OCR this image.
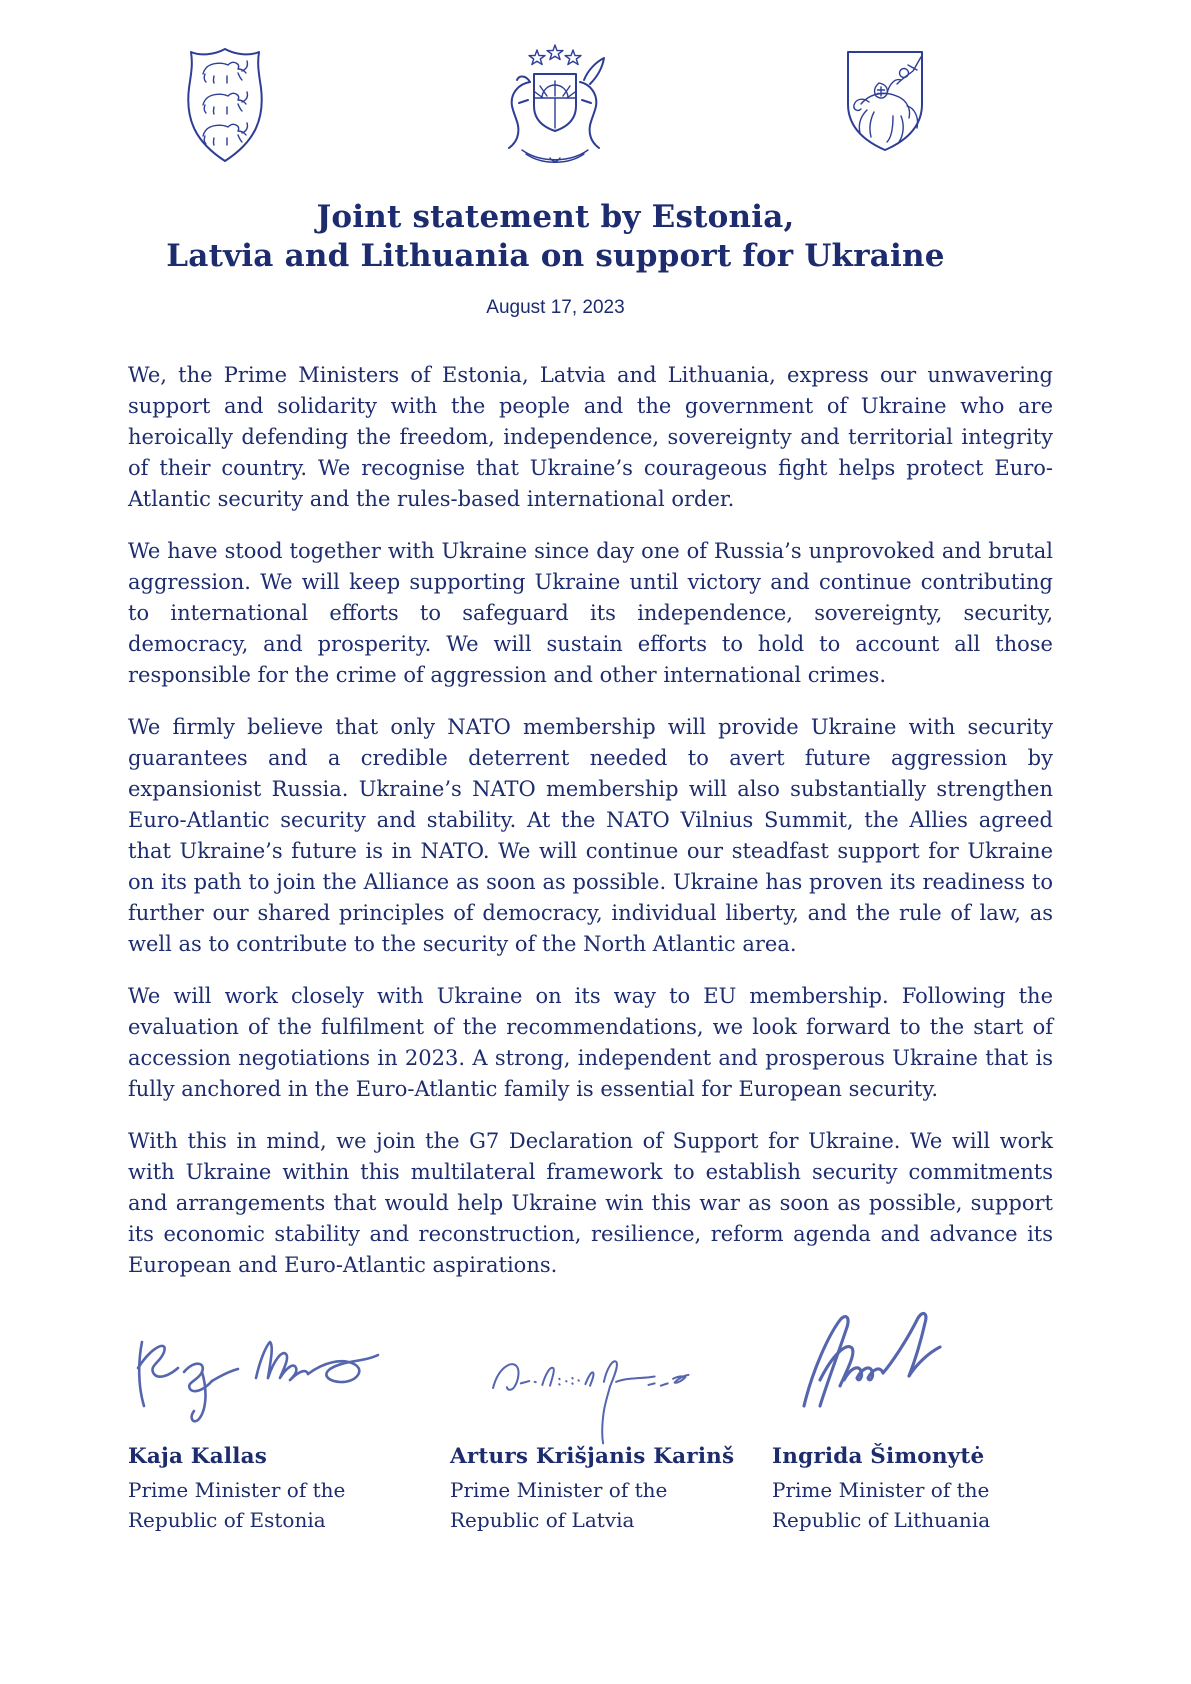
Joint statement by Estonia,
Latvia and Lithuania on support for Ukraine
August 17, 2023

We, the Prime Ministers of Estonia, Latvia and Lithuania, express our unwavering support and solidarity with the people and the government of Ukraine who are heroically defending the freedom, independence, sovereignty and territorial integrity of their country. We recognise that Ukraine’s courageous fight helps protect Euro-Atlantic security and the rules-based international order.

We have stood together with Ukraine since day one of Russia’s unprovoked and brutal aggression. We will keep supporting Ukraine until victory and continue contributing to international efforts to safeguard its independence, sovereignty, security, democracy, and prosperity. We will sustain efforts to hold to account all those responsible for the crime of aggression and other international crimes.

We firmly believe that only NATO membership will provide Ukraine with security guarantees and a credible deterrent needed to avert future aggression by expansionist Russia. Ukraine’s NATO membership will also substantially strengthen Euro-Atlantic security and stability. At the NATO Vilnius Summit, the Allies agreed that Ukraine’s future is in NATO. We will continue our steadfast support for Ukraine on its path to join the Alliance as soon as possible. Ukraine has proven its readiness to further our shared principles of democracy, individual liberty, and the rule of law, as well as to contribute to the security of the North Atlantic area.

We will work closely with Ukraine on its way to EU membership. Following the evaluation of the fulfilment of the recommendations, we look forward to the start of accession negotiations in 2023. A strong, independent and prosperous Ukraine that is fully anchored in the Euro-Atlantic family is essential for European security.

With this in mind, we join the G7 Declaration of Support for Ukraine. We will work with Ukraine within this multilateral framework to establish security commitments and arrangements that would help Ukraine win this war as soon as possible, support its economic stability and reconstruction, resilience, reform agenda and advance its European and Euro-Atlantic aspirations.

Kaja Kallas
Prime Minister of the
Republic of Estonia
Arturs Krišjanis Karinš
Prime Minister of the
Republic of Latvia
Ingrida Šimonytė
Prime Minister of the
Republic of Lithuania
